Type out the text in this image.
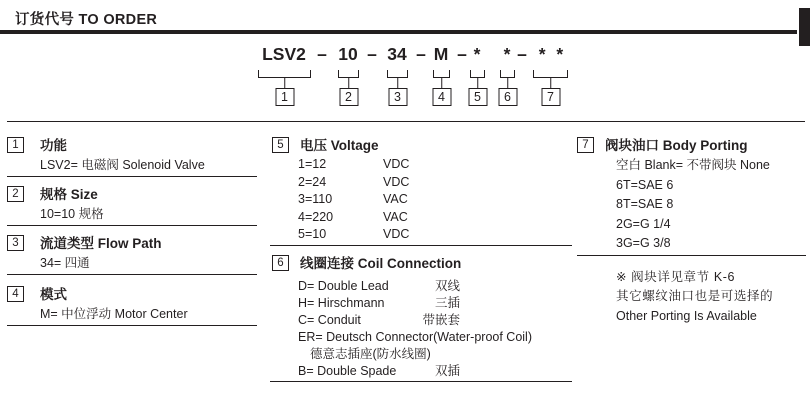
订货代号 TO ORDER
LSV2 – 10 – 34 – M – * * – * *
1	2	3	4	5	6	7
1	功能
LSV2= 电磁阀 Solenoid Valve
2	规格 Size
10=10 规格
3	流道类型 Flow Path
34= 四通
4	模式
M= 中位浮动 Motor Center
5	电压 Voltage
1=12	VDC
2=24	VDC
3=110	VAC
4=220	VAC
5=10	VDC
6	线圈连接 Coil Connection
D= Double Lead	双线
H= Hirschmann	三插
C= Conduit	带嵌套
ER= Deutsch Connector(Water-proof Coil)
德意志插座(防水线圈)
B= Double Spade	双插
7	阀块油口 Body Porting
空白 Blank= 不带阀块 None
6T=SAE 6
8T=SAE 8
2G=G 1/4
3G=G 3/8
※ 阀块详见章节 K-6
其它螺纹油口也是可选择的
Other Porting Is Available
